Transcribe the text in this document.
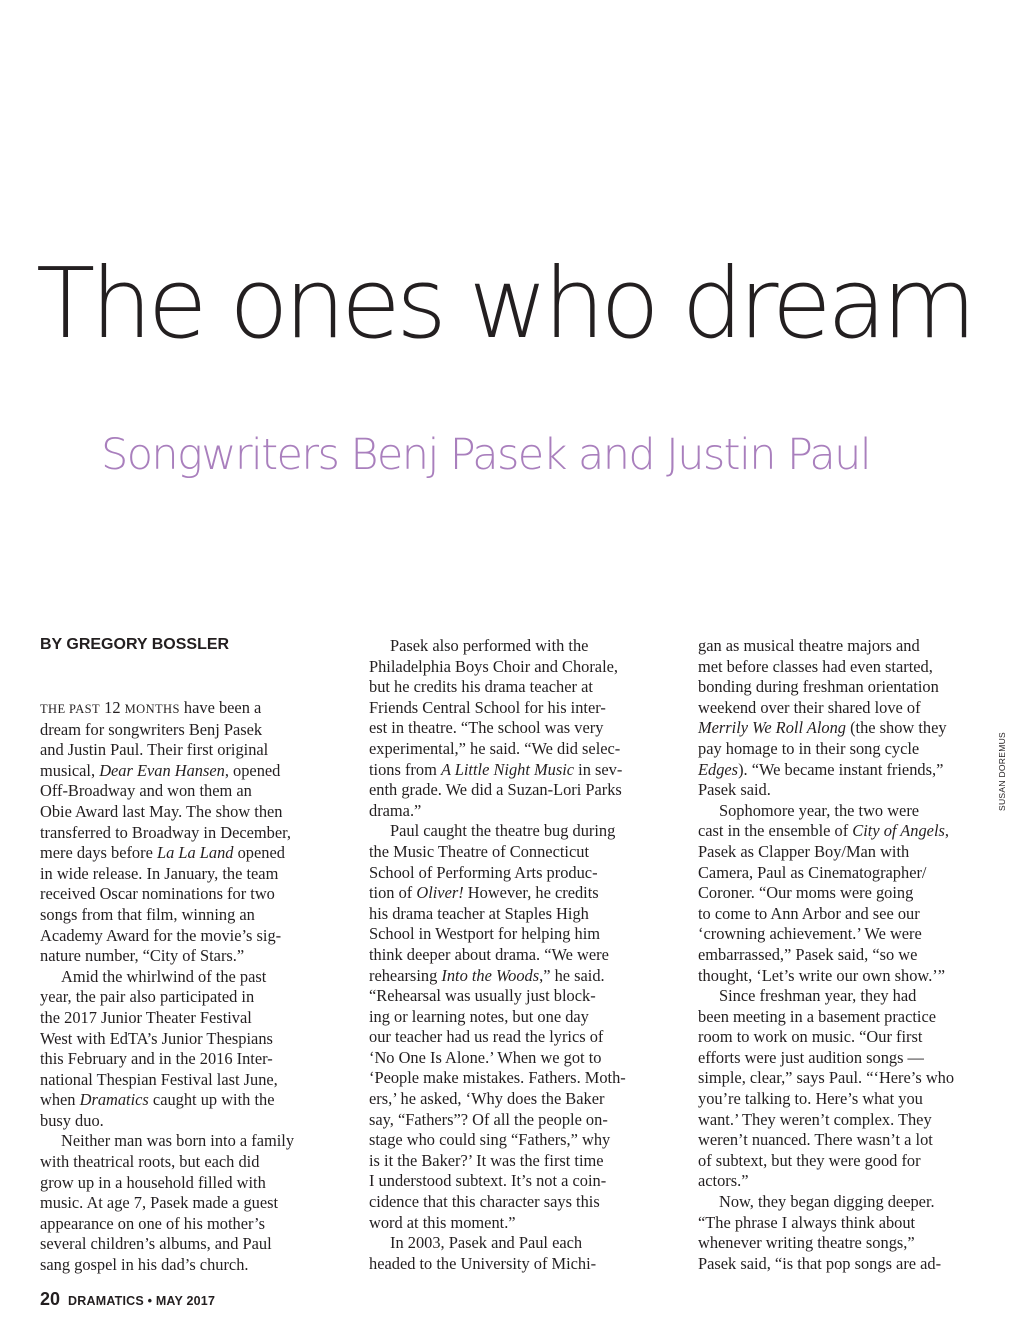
The ones who dream
Songwriters Benj Pasek and Justin Paul
BY GREGORY BOSSLER
THE PAST 12 MONTHS have been a
dream for songwriters Benj Pasek
and Justin Paul. Their first original
musical, Dear Evan Hansen, opened
Off-Broadway and won them an
Obie Award last May. The show then
transferred to Broadway in December,
mere days before La La Land opened
in wide release. In January, the team
received Oscar nominations for two
songs from that film, winning an
Academy Award for the movie’s sig-
nature number, “City of Stars.”
Amid the whirlwind of the past
year, the pair also participated in
the 2017 Junior Theater Festival
West with EdTA’s Junior Thespians
this February and in the 2016 Inter-
national Thespian Festival last June,
when Dramatics caught up with the
busy duo.
Neither man was born into a family
with theatrical roots, but each did
grow up in a household filled with
music. At age 7, Pasek made a guest
appearance on one of his mother’s
several children’s albums, and Paul
sang gospel in his dad’s church.
Pasek also performed with the
Philadelphia Boys Choir and Chorale,
but he credits his drama teacher at
Friends Central School for his inter-
est in theatre. “The school was very
experimental,” he said. “We did selec-
tions from A Little Night Music in sev-
enth grade. We did a Suzan-Lori Parks
drama.”
Paul caught the theatre bug during
the Music Theatre of Connecticut
School of Performing Arts produc-
tion of Oliver! However, he credits
his drama teacher at Staples High
School in Westport for helping him
think deeper about drama. “We were
rehearsing Into the Woods,” he said.
“Rehearsal was usually just block-
ing or learning notes, but one day
our teacher had us read the lyrics of
‘No One Is Alone.’ When we got to
‘People make mistakes. Fathers. Moth-
ers,’ he asked, ‘Why does the Baker
say, “Fathers”? Of all the people on-
stage who could sing “Fathers,” why
is it the Baker?’ It was the first time
I understood subtext. It’s not a coin-
cidence that this character says this
word at this moment.”
In 2003, Pasek and Paul each
headed to the University of Michi-
gan as musical theatre majors and
met before classes had even started,
bonding during freshman orientation
weekend over their shared love of
Merrily We Roll Along (the show they
pay homage to in their song cycle
Edges). “We became instant friends,”
Pasek said.
Sophomore year, the two were
cast in the ensemble of City of Angels,
Pasek as Clapper Boy/Man with
Camera, Paul as Cinematographer/
Coroner. “Our moms were going
to come to Ann Arbor and see our
‘crowning achievement.’ We were
embarrassed,” Pasek said, “so we
thought, ‘Let’s write our own show.’”
Since freshman year, they had
been meeting in a basement practice
room to work on music. “Our first
efforts were just audition songs —
simple, clear,” says Paul. “‘Here’s who
you’re talking to. Here’s what you
want.’ They weren’t complex. They
weren’t nuanced. There wasn’t a lot
of subtext, but they were good for
actors.”
Now, they began digging deeper.
“The phrase I always think about
whenever writing theatre songs,”
Pasek said, “is that pop songs are ad-
SUSAN DOREMUS
20 DRAMATICS • MAY 2017
